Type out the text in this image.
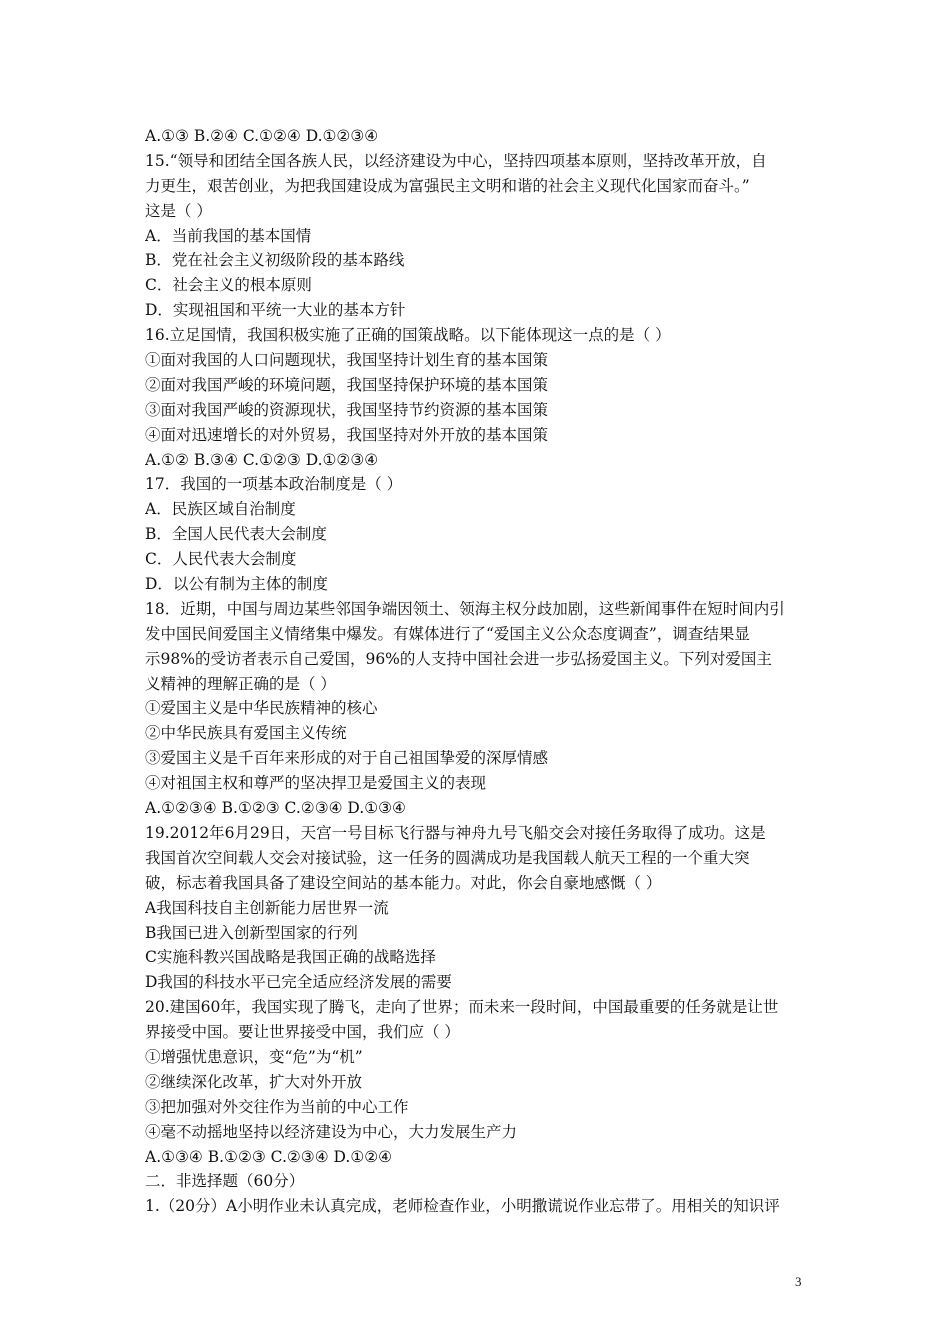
A.①③ B.②④ C.①②④ D.①②③④
15.“领导和团结全国各族人民，以经济建设为中心，坚持四项基本原则，坚持改革开放，自
力更生，艰苦创业，为把我国建设成为富强民主文明和谐的社会主义现代化国家而奋斗。”
这是（ ）
A．当前我国的基本国情
B．党在社会主义初级阶段的基本路线
C．社会主义的根本原则
D．实现祖国和平统一大业的基本方针
16.立足国情，我国积极实施了正确的国策战略。以下能体现这一点的是（ ）
①面对我国的人口问题现状，我国坚持计划生育的基本国策
②面对我国严峻的环境问题，我国坚持保护环境的基本国策
③面对我国严峻的资源现状，我国坚持节约资源的基本国策
④面对迅速增长的对外贸易，我国坚持对外开放的基本国策
A.①② B.③④ C.①②③ D.①②③④
17．我国的一项基本政治制度是（ ）
A．民族区域自治制度
B．全国人民代表大会制度
C．人民代表大会制度
D．以公有制为主体的制度
18．近期，中国与周边某些邻国争端因领土、领海主权分歧加剧，这些新闻事件在短时间内引
发中国民间爱国主义情绪集中爆发。有媒体进行了“爱国主义公众态度调查”，调查结果显
示98%的受访者表示自己爱国，96%的人支持中国社会进一步弘扬爱国主义。下列对爱国主
义精神的理解正确的是（ ）
①爱国主义是中华民族精神的核心
②中华民族具有爱国主义传统
③爱国主义是千百年来形成的对于自己祖国挚爱的深厚情感
④对祖国主权和尊严的坚决捍卫是爱国主义的表现
A.①②③④ B.①②③ C.②③④ D.①③④
19.2012年6月29日，天宫一号目标飞行器与神舟九号飞船交会对接任务取得了成功。这是
我国首次空间载人交会对接试验，这一任务的圆满成功是我国载人航天工程的一个重大突
破，标志着我国具备了建设空间站的基本能力。对此，你会自豪地感慨（ ）
A我国科技自主创新能力居世界一流
B我国已进入创新型国家的行列
C实施科教兴国战略是我国正确的战略选择
D我国的科技水平已完全适应经济发展的需要
20.建国60年，我国实现了腾飞，走向了世界；而未来一段时间，中国最重要的任务就是让世
界接受中国。要让世界接受中国，我们应（ ）
①增强忧患意识，变“危”为“机”
②继续深化改革，扩大对外开放
③把加强对外交往作为当前的中心工作
④毫不动摇地坚持以经济建设为中心，大力发展生产力
A.①③④ B.①②③ C.②③④ D.①②④
二．非选择题（60分）
1.（20分）A小明作业未认真完成，老师检查作业，小明撒谎说作业忘带了。用相关的知识评
3
